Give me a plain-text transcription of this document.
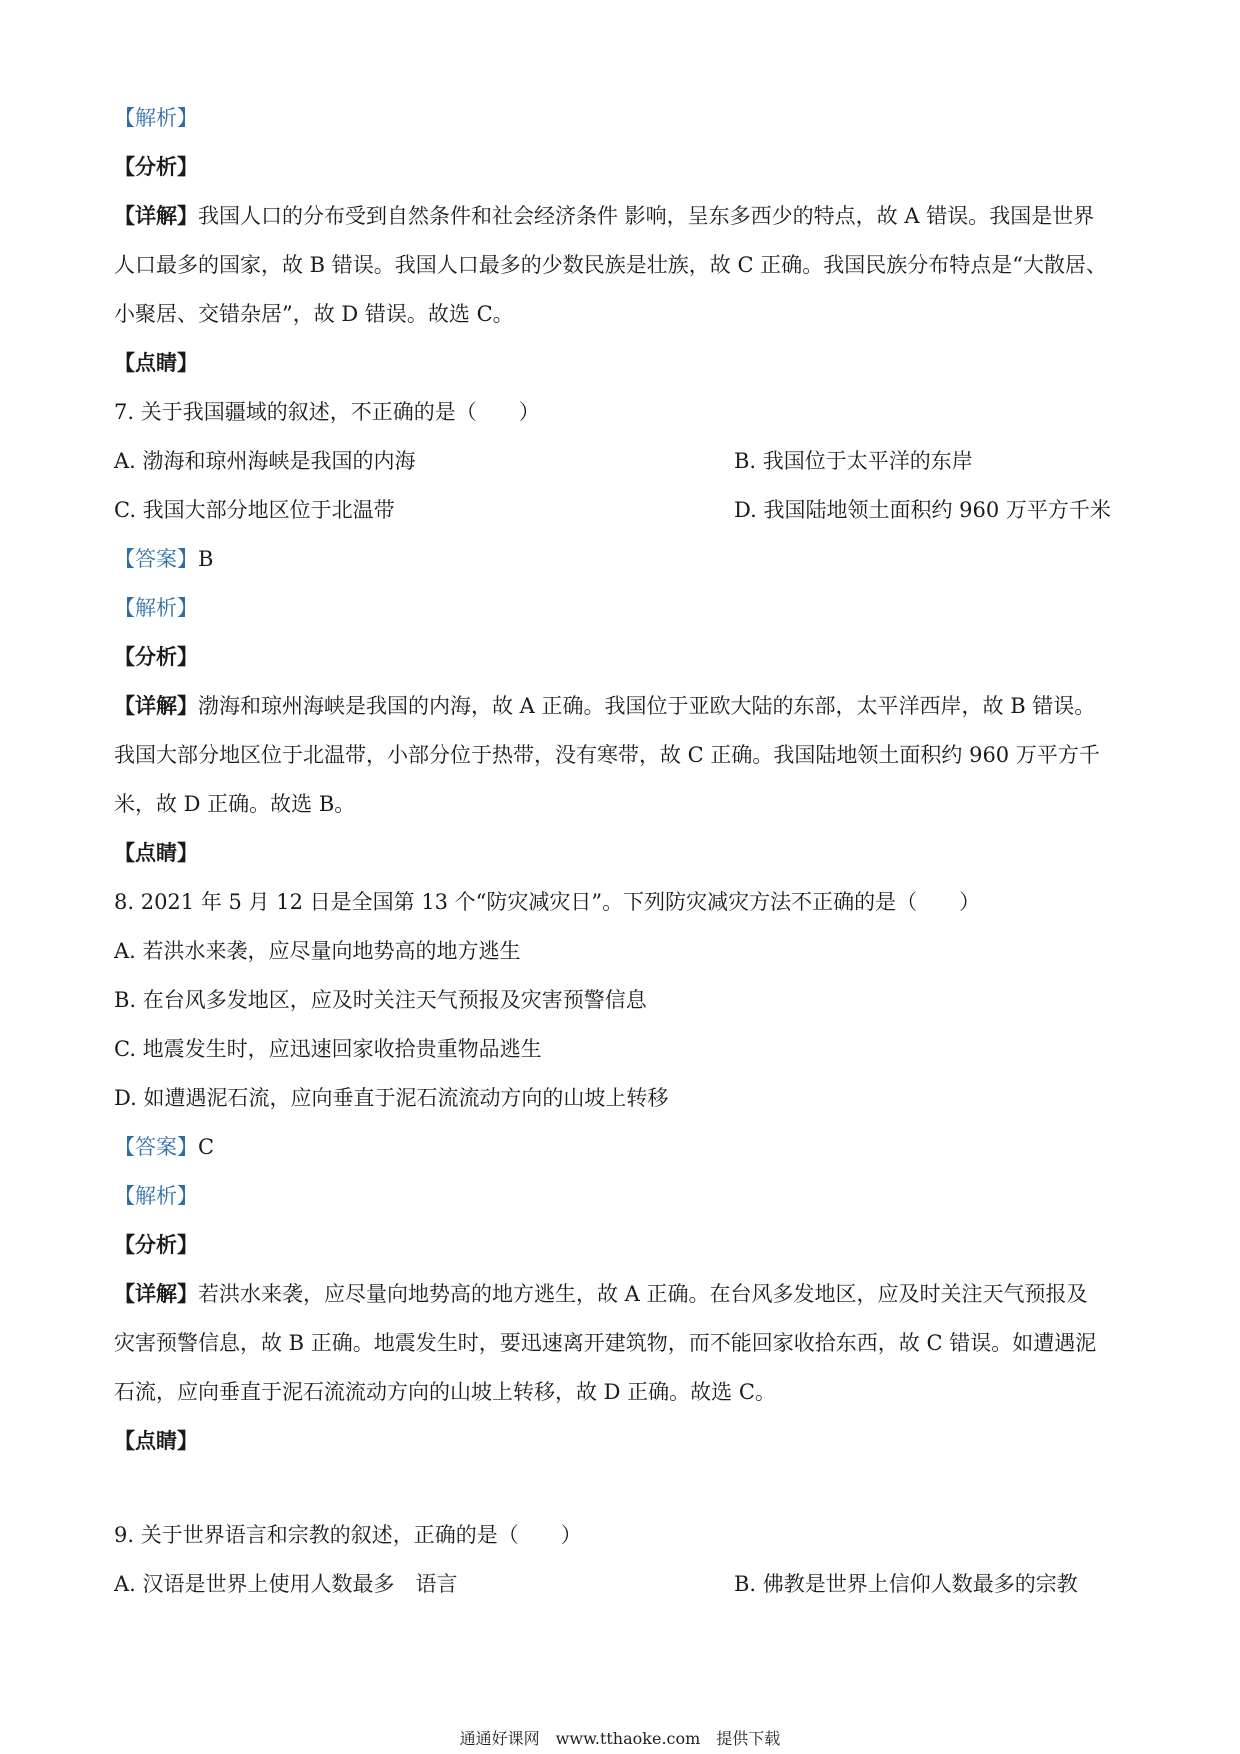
【解析】
【分析】
【详解】我国人口的分布受到自然条件和社会经济条件 影响，呈东多西少的特点，故 A 错误。我国是世界
人口最多的国家，故 B 错误。我国人口最多的少数民族是壮族，故 C 正确。我国民族分布特点是“大散居、
小聚居、交错杂居”，故 D 错误。故选 C。
【点睛】
7. 关于我国疆域的叙述，不正确的是（　　）
A. 渤海和琼州海峡是我国的内海	B. 我国位于太平洋的东岸
C. 我国大部分地区位于北温带	D. 我国陆地领土面积约 960 万平方千米
【答案】B
【解析】
【分析】
【详解】渤海和琼州海峡是我国的内海，故 A 正确。我国位于亚欧大陆的东部，太平洋西岸，故 B 错误。
我国大部分地区位于北温带，小部分位于热带，没有寒带，故 C 正确。我国陆地领土面积约 960 万平方千
米，故 D 正确。故选 B。
【点睛】
8. 2021 年 5 月 12 日是全国第 13 个“防灾减灾日”。下列防灾减灾方法不正确的是（　　）
A. 若洪水来袭，应尽量向地势高的地方逃生
B. 在台风多发地区，应及时关注天气预报及灾害预警信息
C. 地震发生时，应迅速回家收拾贵重物品逃生
D. 如遭遇泥石流，应向垂直于泥石流流动方向的山坡上转移
【答案】C
【解析】
【分析】
【详解】若洪水来袭，应尽量向地势高的地方逃生，故 A 正确。在台风多发地区，应及时关注天气预报及
灾害预警信息，故 B 正确。地震发生时，要迅速离开建筑物，而不能回家收拾东西，故 C 错误。如遭遇泥
石流，应向垂直于泥石流流动方向的山坡上转移，故 D 正确。故选 C。
【点睛】
9. 关于世界语言和宗教的叙述，正确的是（　　）
A. 汉语是世界上使用人数最多　语言	B. 佛教是世界上信仰人数最多的宗教
通通好课网　www.tthaoke.com　提供下载
